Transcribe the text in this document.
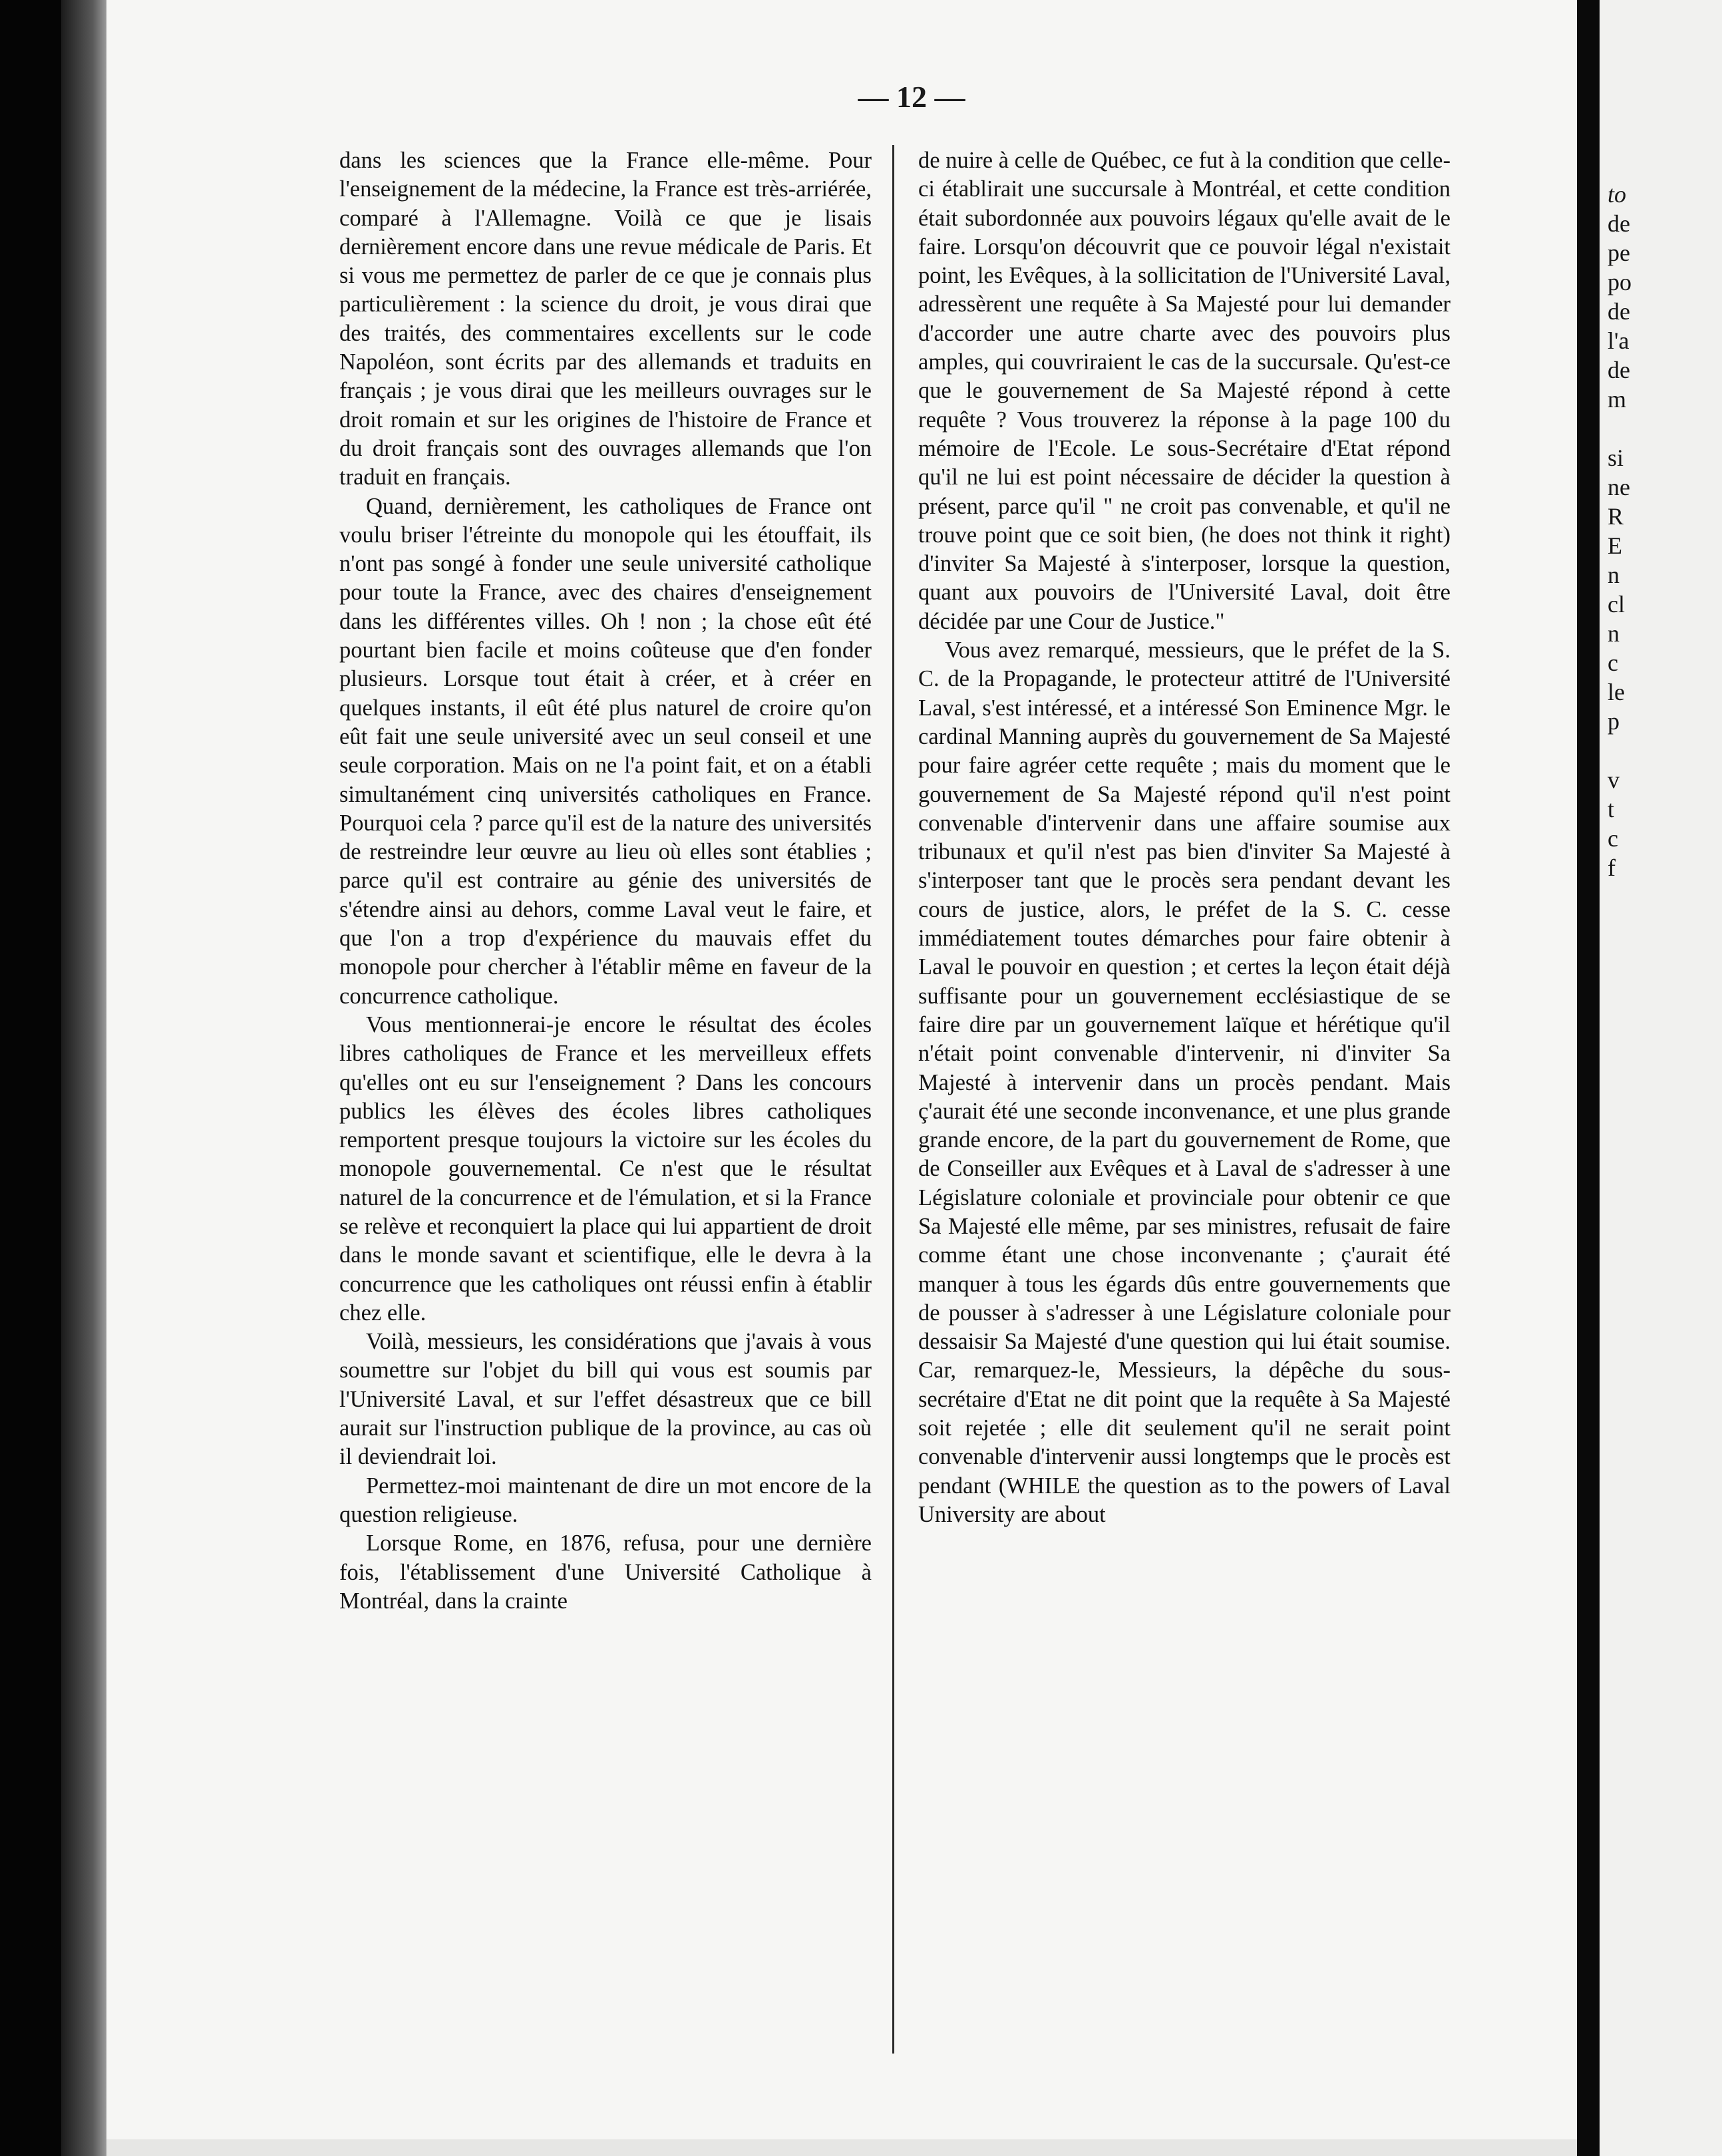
— 12 —

dans les sciences que la France elle-même. Pour l'enseignement de la médecine, la France est très-arriérée, comparé à l'Allemagne. Voilà ce que je lisais dernièrement encore dans une revue médicale de Paris. Et si vous me permettez de parler de ce que je connais plus particulièrement : la science du droit, je vous dirai que des traités, des commentaires excellents sur le code Napoléon, sont écrits par des allemands et traduits en français ; je vous dirai que les meilleurs ouvrages sur le droit romain et sur les origines de l'histoire de France et du droit français sont des ouvrages allemands que l'on traduit en français.

Quand, dernièrement, les catholiques de France ont voulu briser l'étreinte du monopole qui les étouffait, ils n'ont pas songé à fonder une seule université catholique pour toute la France, avec des chaires d'enseignement dans les différentes villes. Oh ! non ; la chose eût été pourtant bien facile et moins coûteuse que d'en fonder plusieurs. Lorsque tout était à créer, et à créer en quelques instants, il eût été plus naturel de croire qu'on eût fait une seule université avec un seul conseil et une seule corporation. Mais on ne l'a point fait, et on a établi simultanément cinq universités catholiques en France. Pourquoi cela ? parce qu'il est de la nature des universités de restreindre leur œuvre au lieu où elles sont établies ; parce qu'il est contraire au génie des universités de s'étendre ainsi au dehors, comme Laval veut le faire, et que l'on a trop d'expérience du mauvais effet du monopole pour chercher à l'établir même en faveur de la concurrence catholique.

Vous mentionnerai-je encore le résultat des écoles libres catholiques de France et les merveilleux effets qu'elles ont eu sur l'enseignement ? Dans les concours publics les élèves des écoles libres catholiques remportent presque toujours la victoire sur les écoles du monopole gouvernemental. Ce n'est que le résultat naturel de la concurrence et de l'émulation, et si la France se relève et reconquiert la place qui lui appartient de droit dans le monde savant et scientifique, elle le devra à la concurrence que les catholiques ont réussi enfin à établir chez elle.

Voilà, messieurs, les considérations que j'avais à vous soumettre sur l'objet du bill qui vous est soumis par l'Université Laval, et sur l'effet désastreux que ce bill aurait sur l'instruction publique de la province, au cas où il deviendrait loi.

Permettez-moi maintenant de dire un mot encore de la question religieuse.

Lorsque Rome, en 1876, refusa, pour une dernière fois, l'établissement d'une Université Catholique à Montréal, dans la crainte

de nuire à celle de Québec, ce fut à la condition que celle-ci établirait une succursale à Montréal, et cette condition était subordonnée aux pouvoirs légaux qu'elle avait de le faire. Lorsqu'on découvrit que ce pouvoir légal n'existait point, les Evêques, à la sollicitation de l'Université Laval, adressèrent une requête à Sa Majesté pour lui demander d'accorder une autre charte avec des pouvoirs plus amples, qui couvriraient le cas de la succursale. Qu'est-ce que le gouvernement de Sa Majesté répond à cette requête ? Vous trouverez la réponse à la page 100 du mémoire de l'Ecole. Le sous-Secrétaire d'Etat répond qu'il ne lui est point nécessaire de décider la question à présent, parce qu'il " ne croit pas convenable, et qu'il ne trouve point que ce soit bien, (he does not think it right) d'inviter Sa Majesté à s'interposer, lorsque la question, quant aux pouvoirs de l'Université Laval, doit être décidée par une Cour de Justice."

Vous avez remarqué, messieurs, que le préfet de la S. C. de la Propagande, le protecteur attitré de l'Université Laval, s'est intéressé, et a intéressé Son Eminence Mgr. le cardinal Manning auprès du gouvernement de Sa Majesté pour faire agréer cette requête ; mais du moment que le gouvernement de Sa Majesté répond qu'il n'est point convenable d'intervenir dans une affaire soumise aux tribunaux et qu'il n'est pas bien d'inviter Sa Majesté à s'interposer tant que le procès sera pendant devant les cours de justice, alors, le préfet de la S. C. cesse immédiatement toutes démarches pour faire obtenir à Laval le pouvoir en question ; et certes la leçon était déjà suffisante pour un gouvernement ecclésiastique de se faire dire par un gouvernement laïque et hérétique qu'il n'était point convenable d'intervenir, ni d'inviter Sa Majesté à intervenir dans un procès pendant. Mais ç'aurait été une seconde inconvenance, et une plus grande grande encore, de la part du gouvernement de Rome, que de Conseiller aux Evêques et à Laval de s'adresser à une Législature coloniale et provinciale pour obtenir ce que Sa Majesté elle même, par ses ministres, refusait de faire comme étant une chose inconvenante ; ç'aurait été manquer à tous les égards dûs entre gouvernements que de pousser à s'adresser à une Législature coloniale pour dessaisir Sa Majesté d'une question qui lui était soumise. Car, remarquez-le, Messieurs, la dépêche du sous-secrétaire d'Etat ne dit point que la requête à Sa Majesté soit rejetée ; elle dit seulement qu'il ne serait point convenable d'intervenir aussi longtemps que le procès est pendant (WHILE the question as to the powers of Laval University are about

to
de
pe
po
de
l'a
de
m
si
ne
R
E
n
cl
n
c
le
p
v
t
c
f
